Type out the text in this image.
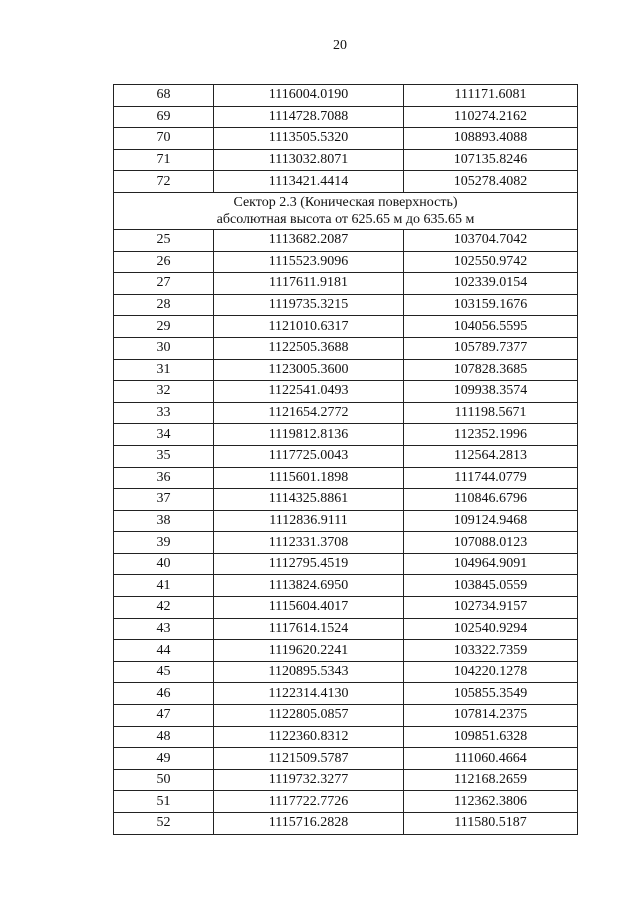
20
68	1116004.0190	111171.6081
69	1114728.7088	110274.2162
70	1113505.5320	108893.4088
71	1113032.8071	107135.8246
72	1113421.4414	105278.4082

Сектор 2.3 (Коническая поверхность)
абсолютная высота от 625.65 м до 635.65 м		

25	1113682.2087	103704.7042
26	1115523.9096	102550.9742
27	1117611.9181	102339.0154
28	1119735.3215	103159.1676
29	1121010.6317	104056.5595
30	1122505.3688	105789.7377
31	1123005.3600	107828.3685
32	1122541.0493	109938.3574
33	1121654.2772	111198.5671
34	1119812.8136	112352.1996
35	1117725.0043	112564.2813
36	1115601.1898	111744.0779
37	1114325.8861	110846.6796
38	1112836.9111	109124.9468
39	1112331.3708	107088.0123
40	1112795.4519	104964.9091
41	1113824.6950	103845.0559
42	1115604.4017	102734.9157
43	1117614.1524	102540.9294
44	1119620.2241	103322.7359
45	1120895.5343	104220.1278
46	1122314.4130	105855.3549
47	1122805.0857	107814.2375
48	1122360.8312	109851.6328
49	1121509.5787	111060.4664
50	1119732.3277	112168.2659
51	1117722.7726	112362.3806
52	1115716.2828	111580.5187
